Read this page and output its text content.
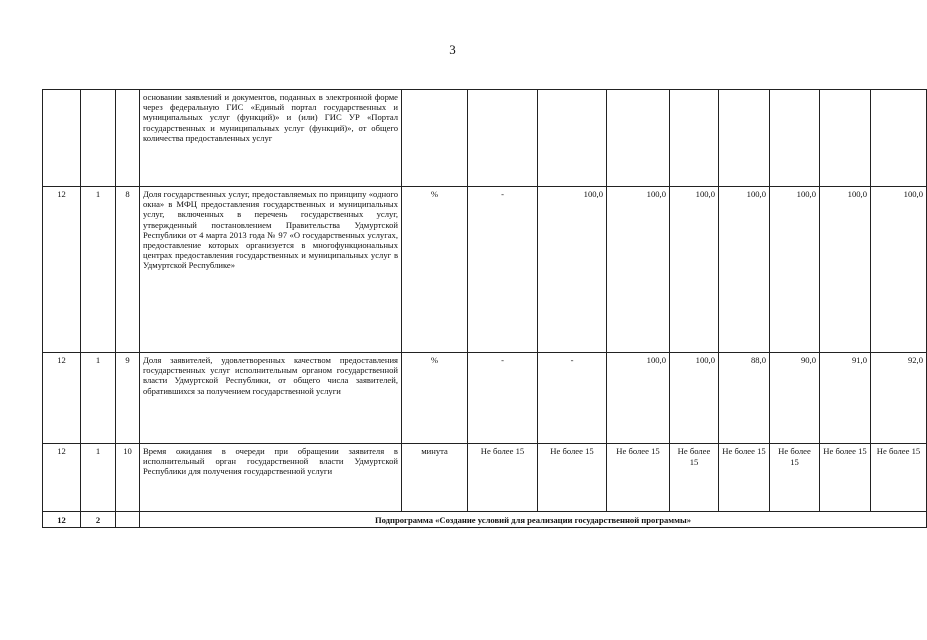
3
			основании заявлений и документов, поданных в электронной форме через федеральную ГИС «Единый портал государственных и муниципальных услуг (функций)» и (или) ГИС УР «Портал государственных и муниципальных услуг (функций)», от общего количества предоставленных услуг									
12	1	8	Доля государственных услуг, предоставляемых по принципу «одного окна» в МФЦ предоставления государственных и муниципальных услуг, включенных в перечень государственных услуг, утвержденный постановлением Правительства Удмуртской Республики от 4 марта 2013 года № 97 «О государственных услугах, предоставление которых организуется в многофункциональных центрах предоставления государственных и муниципальных услуг в Удмуртской Республике»	%	-	100,0	100,0	100,0	100,0	100,0	100,0	100,0
12	1	9	Доля заявителей, удовлетворенных качеством предоставления государственных услуг исполнительным органом государственной власти Удмуртской Республики, от общего числа заявителей, обратившихся за получением государственной услуги	%	-	-	100,0	100,0	88,0	90,0	91,0	92,0
12	1	10	Время ожидания в очереди при обращении заявителя в исполнительный орган государственной власти Удмуртской Республики для получения государственной услуги	минута	Не более 15	Не более 15	Не более 15	Не более 15	Не более 15	Не более 15	Не более 15	Не более 15
12	2		Подпрограмма «Создание условий для реализации государственной программы»									
